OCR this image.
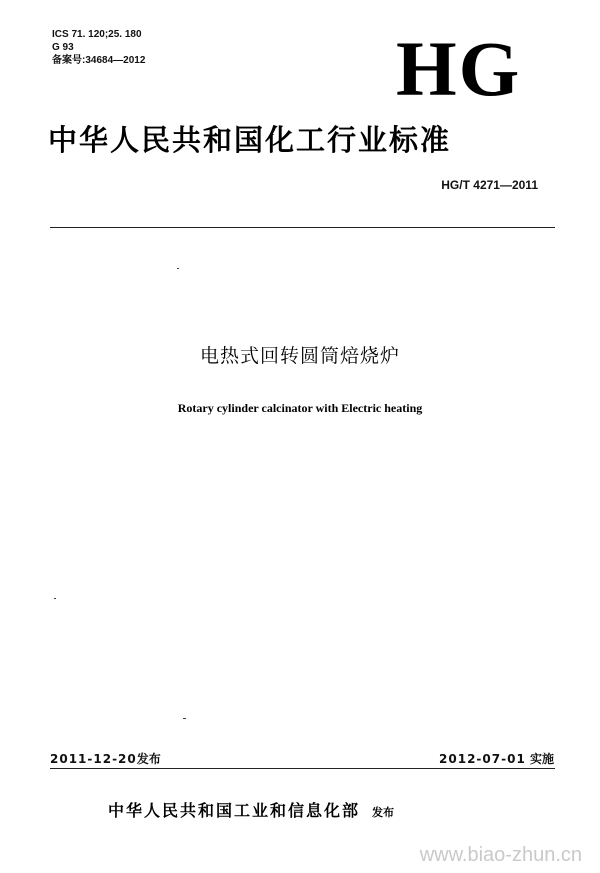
ICS 71. 120;25. 180
G 93
备案号:34684—2012	HG
中华人民共和国化工行业标准
HG/T 4271—2011
电热式回转圆筒焙烧炉
Rotary cylinder calcinator with Electric heating
2011-12-20发布	2012-07-01 实施
中华人民共和国工业和信息化部 发布
www.biao-zhun.cn
